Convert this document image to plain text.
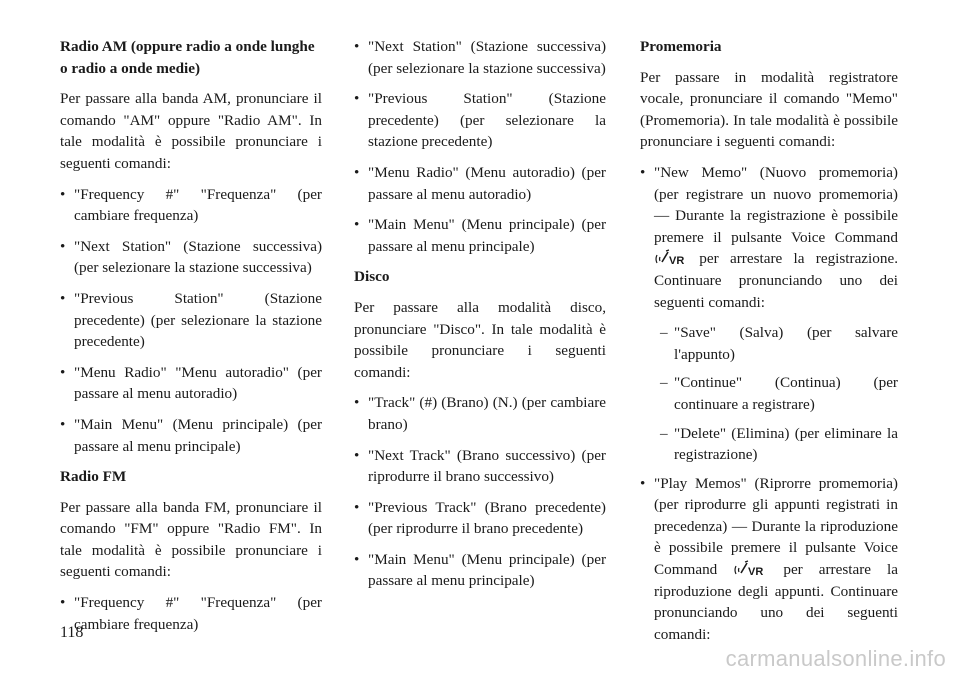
Radio AM (oppure radio a onde lunghe o radio a onde medie)
Per passare alla banda AM, pronunciare il comando "AM" oppure "Radio AM". In tale modalità è possibile pronunciare i seguenti comandi:
• "Frequency #" "Frequenza" (per cambiare frequenza)
• "Next Station" (Stazione successiva) (per selezionare la stazione successiva)
• "Previous Station" (Stazione precedente) (per selezionare la stazione precedente)
• "Menu Radio" "Menu autoradio" (per passare al menu autoradio)
• "Main Menu" (Menu principale) (per passare al menu principale)
Radio FM
Per passare alla banda FM, pronunciare il comando "FM" oppure "Radio FM". In tale modalità è possibile pronunciare i seguenti comandi:
• "Frequency #" "Frequenza" (per cambiare frequenza)
• "Next Station" (Stazione successiva) (per selezionare la stazione successiva)
• "Previous Station" (Stazione precedente) (per selezionare la stazione precedente)
• "Menu Radio" (Menu autoradio) (per passare al menu autoradio)
• "Main Menu" (Menu principale) (per passare al menu principale)
Disco
Per passare alla modalità disco, pronunciare "Disco". In tale modalità è possibile pronunciare i seguenti comandi:
• "Track" (#) (Brano) (N.) (per cambiare brano)
• "Next Track" (Brano successivo) (per riprodurre il brano successivo)
• "Previous Track" (Brano precedente) (per riprodurre il brano precedente)
• "Main Menu" (Menu principale) (per passare al menu principale)
Promemoria
Per passare in modalità registratore vocale, pronunciare il comando "Memo" (Promemoria). In tale modalità è possibile pronunciare i seguenti comandi:
• "New Memo" (Nuovo promemoria) (per registrare un nuovo promemoria) — Durante la registrazione è possibile premere il pulsante Voice Command
VR per arrestare la registrazione. Continuare pronunciando uno dei seguenti comandi:
– "Save" (Salva) (per salvare l'appunto)
– "Continue" (Continua) (per continuare a registrare)
– "Delete" (Elimina) (per eliminare la registrazione)
• "Play Memos" (Riprorre promemoria) (per riprodurre gli appunti registrati in precedenza) — Durante la riproduzione è possibile premere il pulsante Voice Command	VR per arrestare la riproduzione degli appunti. Continuare pronunciando uno dei seguenti comandi:
118
carmanualsonline.info
